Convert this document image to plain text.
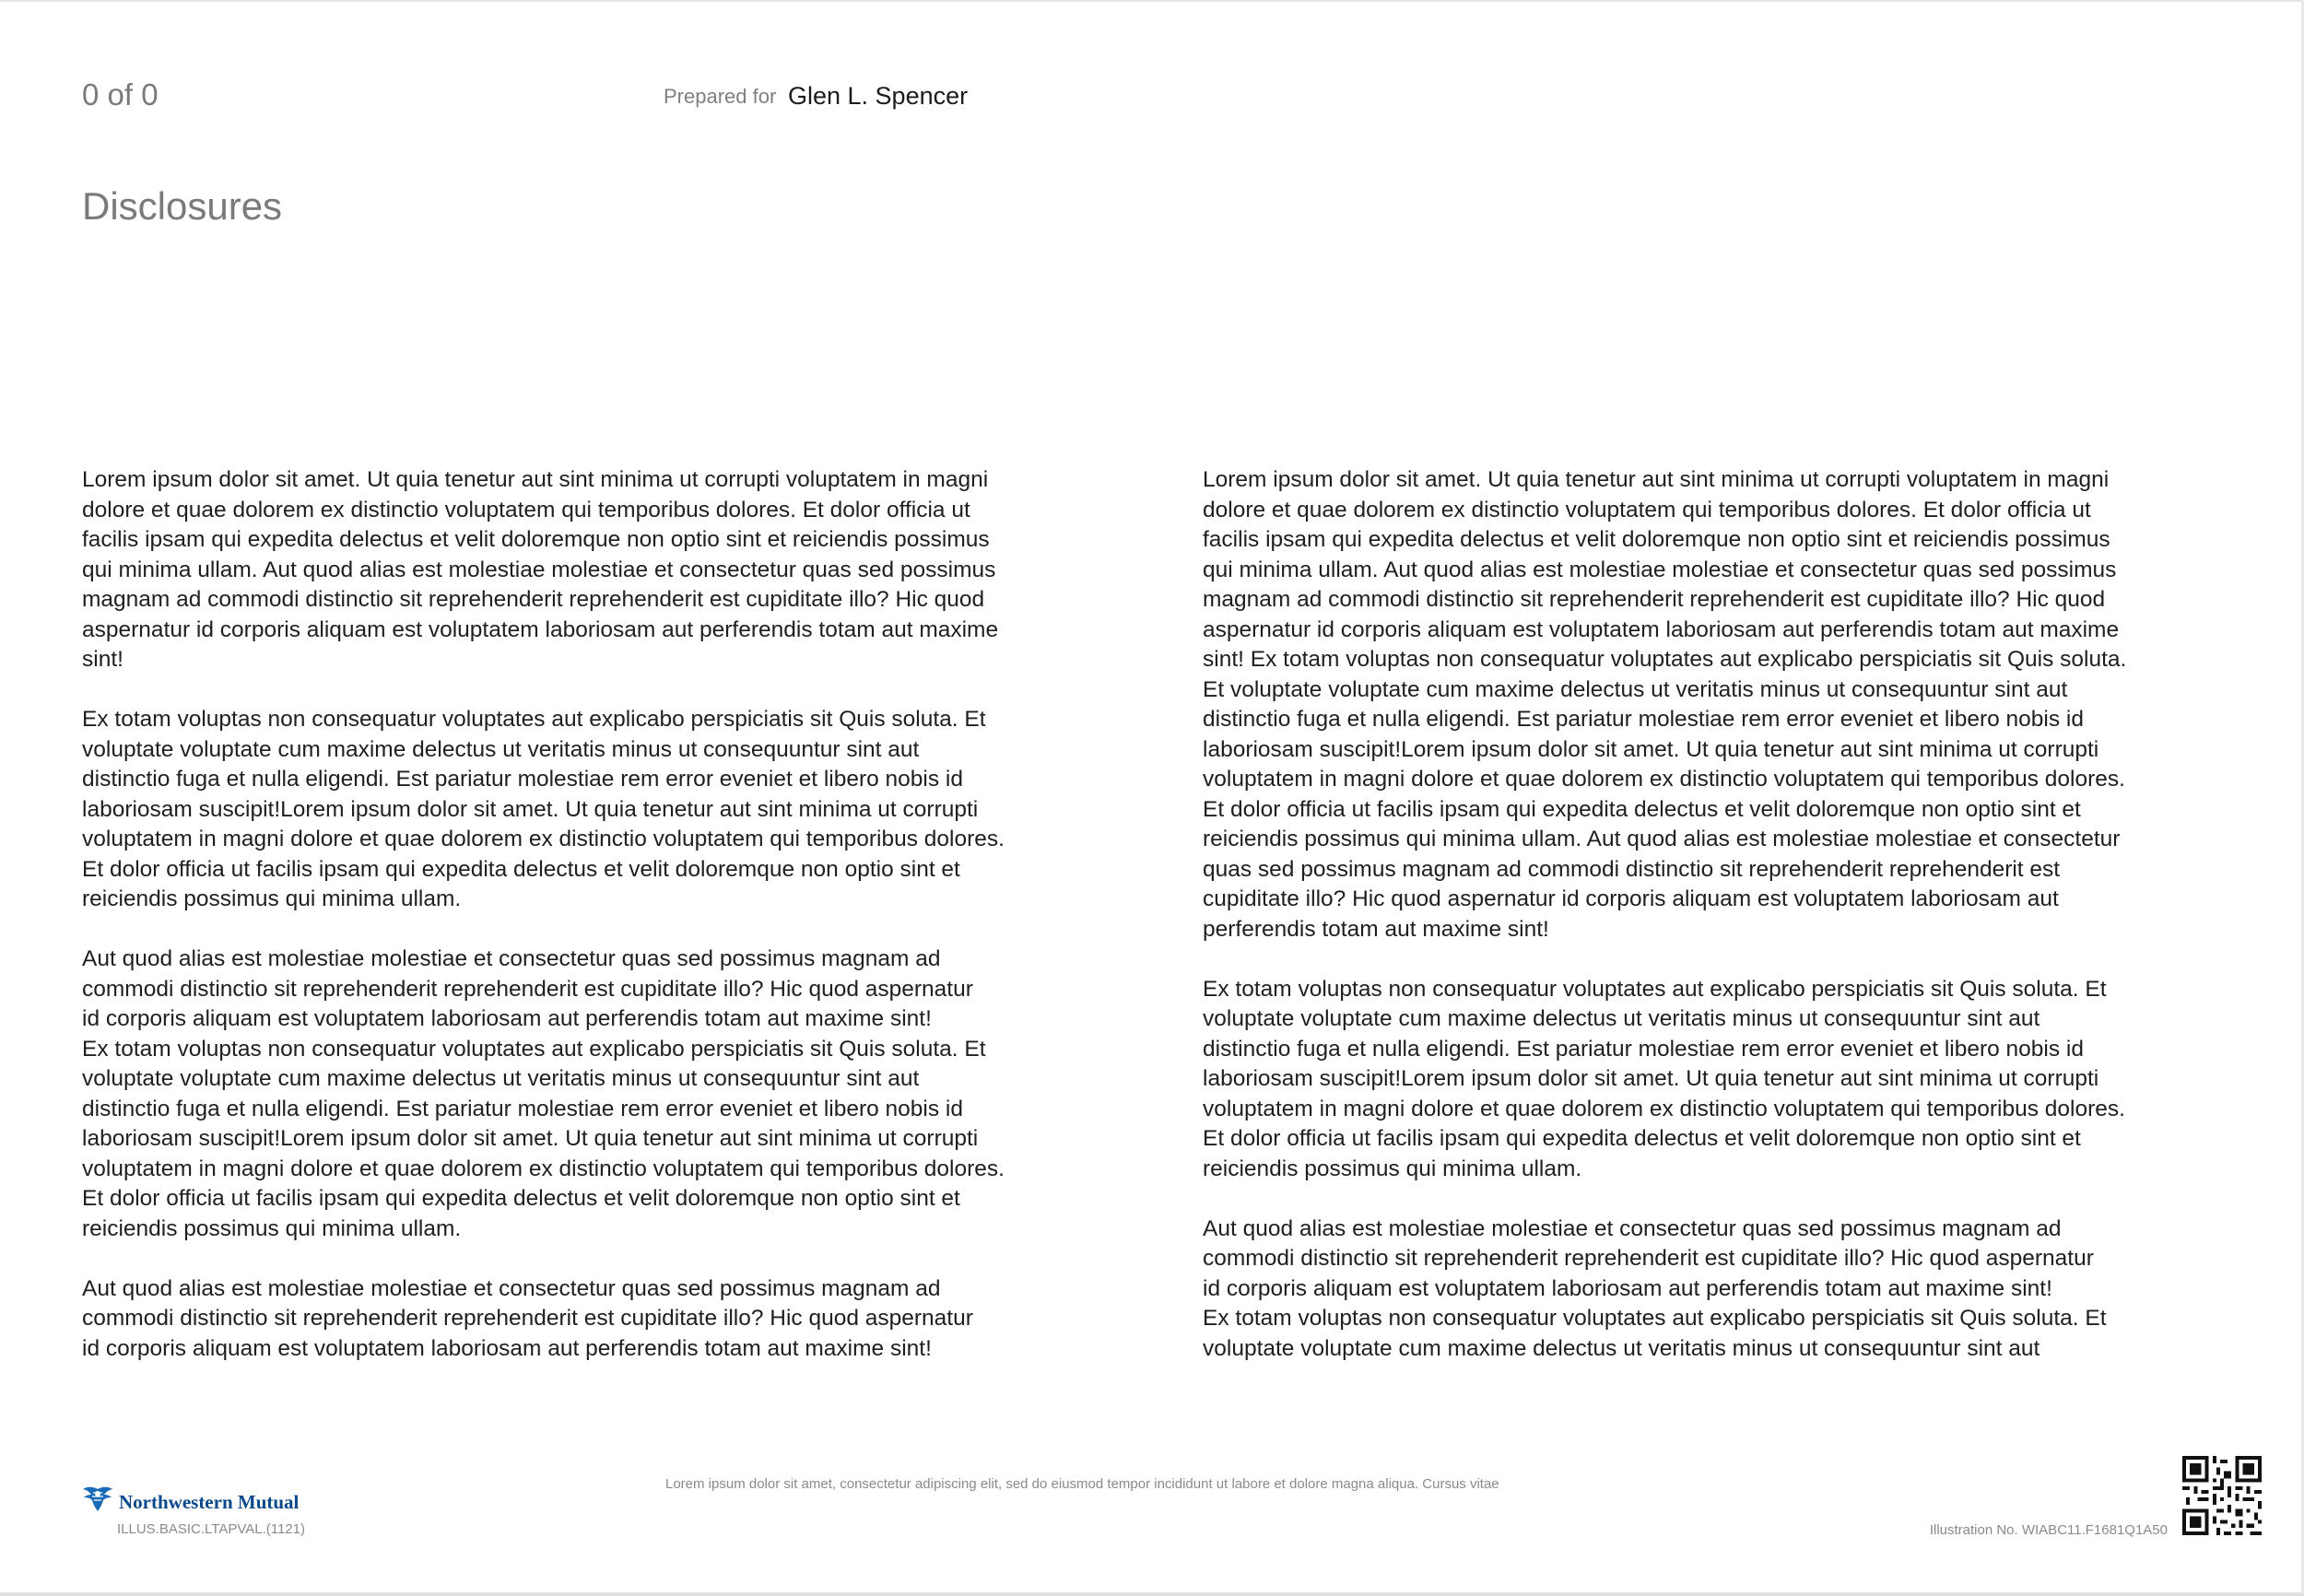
0 of 0	Prepared for Glen L. Spencer
Disclosures

Lorem ipsum dolor sit amet. Ut quia tenetur aut sint minima ut corrupti voluptatem in magni
dolore et quae dolorem ex distinctio voluptatem qui temporibus dolores. Et dolor officia ut
facilis ipsam qui expedita delectus et velit doloremque non optio sint et reiciendis possimus
qui minima ullam. Aut quod alias est molestiae molestiae et consectetur quas sed possimus
magnam ad commodi distinctio sit reprehenderit reprehenderit est cupiditate illo? Hic quod
aspernatur id corporis aliquam est voluptatem laboriosam aut perferendis totam aut maxime
sint!

Ex totam voluptas non consequatur voluptates aut explicabo perspiciatis sit Quis soluta. Et
voluptate voluptate cum maxime delectus ut veritatis minus ut consequuntur sint aut
distinctio fuga et nulla eligendi. Est pariatur molestiae rem error eveniet et libero nobis id
laboriosam suscipit!Lorem ipsum dolor sit amet. Ut quia tenetur aut sint minima ut corrupti
voluptatem in magni dolore et quae dolorem ex distinctio voluptatem qui temporibus dolores.
Et dolor officia ut facilis ipsam qui expedita delectus et velit doloremque non optio sint et
reiciendis possimus qui minima ullam.

Aut quod alias est molestiae molestiae et consectetur quas sed possimus magnam ad
commodi distinctio sit reprehenderit reprehenderit est cupiditate illo? Hic quod aspernatur
id corporis aliquam est voluptatem laboriosam aut perferendis totam aut maxime sint!
Ex totam voluptas non consequatur voluptates aut explicabo perspiciatis sit Quis soluta. Et
voluptate voluptate cum maxime delectus ut veritatis minus ut consequuntur sint aut
distinctio fuga et nulla eligendi. Est pariatur molestiae rem error eveniet et libero nobis id
laboriosam suscipit!Lorem ipsum dolor sit amet. Ut quia tenetur aut sint minima ut corrupti
voluptatem in magni dolore et quae dolorem ex distinctio voluptatem qui temporibus dolores.
Et dolor officia ut facilis ipsam qui expedita delectus et velit doloremque non optio sint et
reiciendis possimus qui minima ullam.

Aut quod alias est molestiae molestiae et consectetur quas sed possimus magnam ad
commodi distinctio sit reprehenderit reprehenderit est cupiditate illo? Hic quod aspernatur
id corporis aliquam est voluptatem laboriosam aut perferendis totam aut maxime sint!

Lorem ipsum dolor sit amet. Ut quia tenetur aut sint minima ut corrupti voluptatem in magni
dolore et quae dolorem ex distinctio voluptatem qui temporibus dolores. Et dolor officia ut
facilis ipsam qui expedita delectus et velit doloremque non optio sint et reiciendis possimus
qui minima ullam. Aut quod alias est molestiae molestiae et consectetur quas sed possimus
magnam ad commodi distinctio sit reprehenderit reprehenderit est cupiditate illo? Hic quod
aspernatur id corporis aliquam est voluptatem laboriosam aut perferendis totam aut maxime
sint! Ex totam voluptas non consequatur voluptates aut explicabo perspiciatis sit Quis soluta.
Et voluptate voluptate cum maxime delectus ut veritatis minus ut consequuntur sint aut
distinctio fuga et nulla eligendi. Est pariatur molestiae rem error eveniet et libero nobis id
laboriosam suscipit!Lorem ipsum dolor sit amet. Ut quia tenetur aut sint minima ut corrupti
voluptatem in magni dolore et quae dolorem ex distinctio voluptatem qui temporibus dolores.
Et dolor officia ut facilis ipsam qui expedita delectus et velit doloremque non optio sint et
reiciendis possimus qui minima ullam. Aut quod alias est molestiae molestiae et consectetur
quas sed possimus magnam ad commodi distinctio sit reprehenderit reprehenderit est
cupiditate illo? Hic quod aspernatur id corporis aliquam est voluptatem laboriosam aut
perferendis totam aut maxime sint!

Ex totam voluptas non consequatur voluptates aut explicabo perspiciatis sit Quis soluta. Et
voluptate voluptate cum maxime delectus ut veritatis minus ut consequuntur sint aut
distinctio fuga et nulla eligendi. Est pariatur molestiae rem error eveniet et libero nobis id
laboriosam suscipit!Lorem ipsum dolor sit amet. Ut quia tenetur aut sint minima ut corrupti
voluptatem in magni dolore et quae dolorem ex distinctio voluptatem qui temporibus dolores.
Et dolor officia ut facilis ipsam qui expedita delectus et velit doloremque non optio sint et
reiciendis possimus qui minima ullam.

Aut quod alias est molestiae molestiae et consectetur quas sed possimus magnam ad
commodi distinctio sit reprehenderit reprehenderit est cupiditate illo? Hic quod aspernatur
id corporis aliquam est voluptatem laboriosam aut perferendis totam aut maxime sint!
Ex totam voluptas non consequatur voluptates aut explicabo perspiciatis sit Quis soluta. Et
voluptate voluptate cum maxime delectus ut veritatis minus ut consequuntur sint aut

Lorem ipsum dolor sit amet, consectetur adipiscing elit, sed do eiusmod tempor incididunt ut labore et dolore magna aliqua. Cursus vitae
Northwestern Mutual
ILLUS.BASIC.LTAPVAL.(1121)	Illustration No. WIABC11.F1681Q1A50
